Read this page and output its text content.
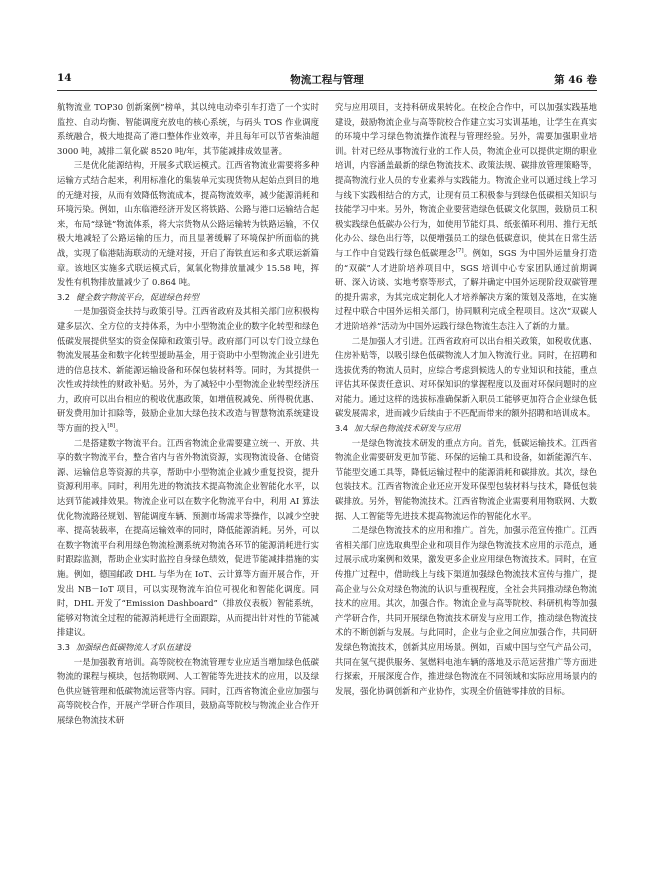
14	物流工程与管理	第 46 卷

航物流业 TOP30 创新案例”榜单，其以纯电动牵引车打造了一个实时监控、自动均衡、智能调度充放电的核心系统，与码头 TOS 作业调度系统融合，极大地提高了港口整体作业效率，并且每年可以节省柴油超 3000 吨，减排二氧化碳 8520 吨/年，其节能减排成效显著。

三是优化能源结构，开展多式联运模式。江西省物流业需要将多种运输方式结合起来，利用标准化的集装单元实现货物从起始点到目的地的无缝对接，从而有效降低物流成本，提高物流效率，减少能源消耗和环境污染。例如，山东临港经济开发区将铁路、公路与港口运输结合起来，布局“绿链”物流体系，将大宗货物从公路运输转为铁路运输，不仅极大地减轻了公路运输的压力，而且显著缓解了环境保护所面临的挑战，实现了临港陆海联动的无缝对接，开启了海铁直运和多式联运新篇章。该地区实施多式联运模式后，氮氧化物排放量减少 15.58 吨，挥发性有机物排放量减少了 0.864 吨。

3.2 健全数字物流平台，促进绿色转型

一是加强资金扶持与政策引导。江西省政府及其相关部门应积极构建多层次、全方位的支持体系，为中小型物流企业的数字化转型和绿色低碳发展提供坚实的资金保障和政策引导。政府部门可以专门设立绿色物流发展基金和数字化转型援助基金，用于资助中小型物流企业引进先进的信息技术、新能源运输设备和环保包装材料等。同时，为其提供一次性或持续性的财政补贴。另外，为了减轻中小型物流企业转型经济压力，政府可以出台相应的税收优惠政策，如增值税减免、所得税优惠、研发费用加计扣除等，鼓励企业加大绿色技术改造与智慧物流系统建设等方面的投入[8]。

二是搭建数字物流平台。江西省物流企业需要建立统一、开放、共享的数字物流平台，整合省内与省外物流资源，实现物流设备、仓储资源、运输信息等资源的共享，帮助中小型物流企业减少重复投资，提升资源利用率。同时，利用先进的物流技术提高物流企业智能化水平，以达到节能减排效果。物流企业可以在数字化物流平台中，利用 AI 算法优化物流路径规划、智能调度车辆、预测市场需求等操作，以减少空驶率、提高装载率，在提高运输效率的同时，降低能源消耗。另外，可以在数字物流平台利用绿色物流检测系统对物流各环节的能源消耗进行实时跟踪监测，帮助企业实时监控自身绿色绩效，促进节能减排措施的实施。例如，德国邮政 DHL 与华为在 IoT、云计算等方面开展合作，开发出 NB－IoT 项目，可以实现物流车泊位可视化和智能化调度。同时，DHL 开发了“Emission Dashboard”（排放仪表板）智能系统，能够对物流全过程的能源消耗进行全面跟踪，从而提出针对性的节能减排建议。

3.3 加强绿色低碳物流人才队伍建设

一是加强教育培训。高等院校在物流管理专业应适当增加绿色低碳物流的课程与模块，包括物联网、人工智能等先进技术的应用，以及绿色供应链管理和低碳物流运营等内容。同时，江西省物流企业应加强与高等院校合作，开展产学研合作项目，鼓励高等院校与物流企业合作开展绿色物流技术研

究与应用项目，支持科研成果转化。在校企合作中，可以加强实践基地建设，鼓励物流企业与高等院校合作建立实习实训基地，让学生在真实的环境中学习绿色物流操作流程与管理经验。另外，需要加强职业培训。针对已经从事物流行业的工作人员，物流企业可以提供定期的职业培训，内容涵盖最新的绿色物流技术、政策法规、碳排放管理策略等，提高物流行业人员的专业素养与实践能力。物流企业可以通过线上学习与线下实践相结合的方式，让现有员工积极参与到绿色低碳相关知识与技能学习中来。另外，物流企业要营造绿色低碳文化氛围，鼓励员工积极实践绿色低碳办公行为，如使用节能灯具、纸张循环利用、推行无纸化办公、绿色出行等，以便增强员工的绿色低碳意识，使其在日常生活与工作中自觉践行绿色低碳理念[7]。例如，SGS 为中国外运量身打造的“双碳”人才进阶培养项目中，SGS 培训中心专家团队通过前期调研、深入访谈、实地考察等形式，了解并确定中国外运现阶段双碳管理的提升需求，为其完成定制化人才培养解决方案的策划及落地，在实施过程中联合中国外运相关部门，协同顺利完成全程项目。这次“双碳人才进阶培养”活动为中国外运践行绿色物流生态注入了新的力量。

二是加强人才引进。江西省政府可以出台相关政策，如税收优惠、住房补贴等，以吸引绿色低碳物流人才加入物流行业。同时，在招聘和选拔优秀的物流人员时，应综合考虑到候选人的专业知识和技能，重点评估其环保责任意识、对环保知识的掌握程度以及面对环保问题时的应对能力。通过这样的选拔标准确保新入职员工能够更加符合企业绿色低碳发展需求，进而减少后续由于不匹配而带来的额外招聘和培训成本。

3.4 加大绿色物流技术研发与应用

一是绿色物流技术研发的重点方向。首先，低碳运输技术。江西省物流企业需要研发更加节能、环保的运输工具和设备，如新能源汽车、节能型交通工具等，降低运输过程中的能源消耗和碳排放。其次，绿色包装技术。江西省物流企业还应开发环保型包装材料与技术，降低包装碳排放。另外，智能物流技术。江西省物流企业需要利用物联网、大数据、人工智能等先进技术提高物流运作的智能化水平。

二是绿色物流技术的应用和推广。首先，加强示范宣传推广。江西省相关部门应选取典型企业和项目作为绿色物流技术应用的示范点，通过展示成功案例和效果，激发更多企业应用绿色物流技术。同时，在宣传推广过程中，借助线上与线下渠道加强绿色物流技术宣传与推广，提高企业与公众对绿色物流的认识与重视程度，全社会共同推动绿色物流技术的应用。其次，加强合作。物流企业与高等院校、科研机构等加强产学研合作，共同开展绿色物流技术研发与应用工作，推动绿色物流技术的不断创新与发展。与此同时，企业与企业之间应加强合作，共同研发绿色物流技术，创新其应用场景。例如，百威中国与空气产品公司，共同在氢气提供服务、氢燃料电池车辆的落地及示范运营推广等方面进行探索，开展深度合作，推进绿色物流在不同领域和实际应用场景内的发展，强化协调创新和产业协作，实现全价值链零排放的目标。
